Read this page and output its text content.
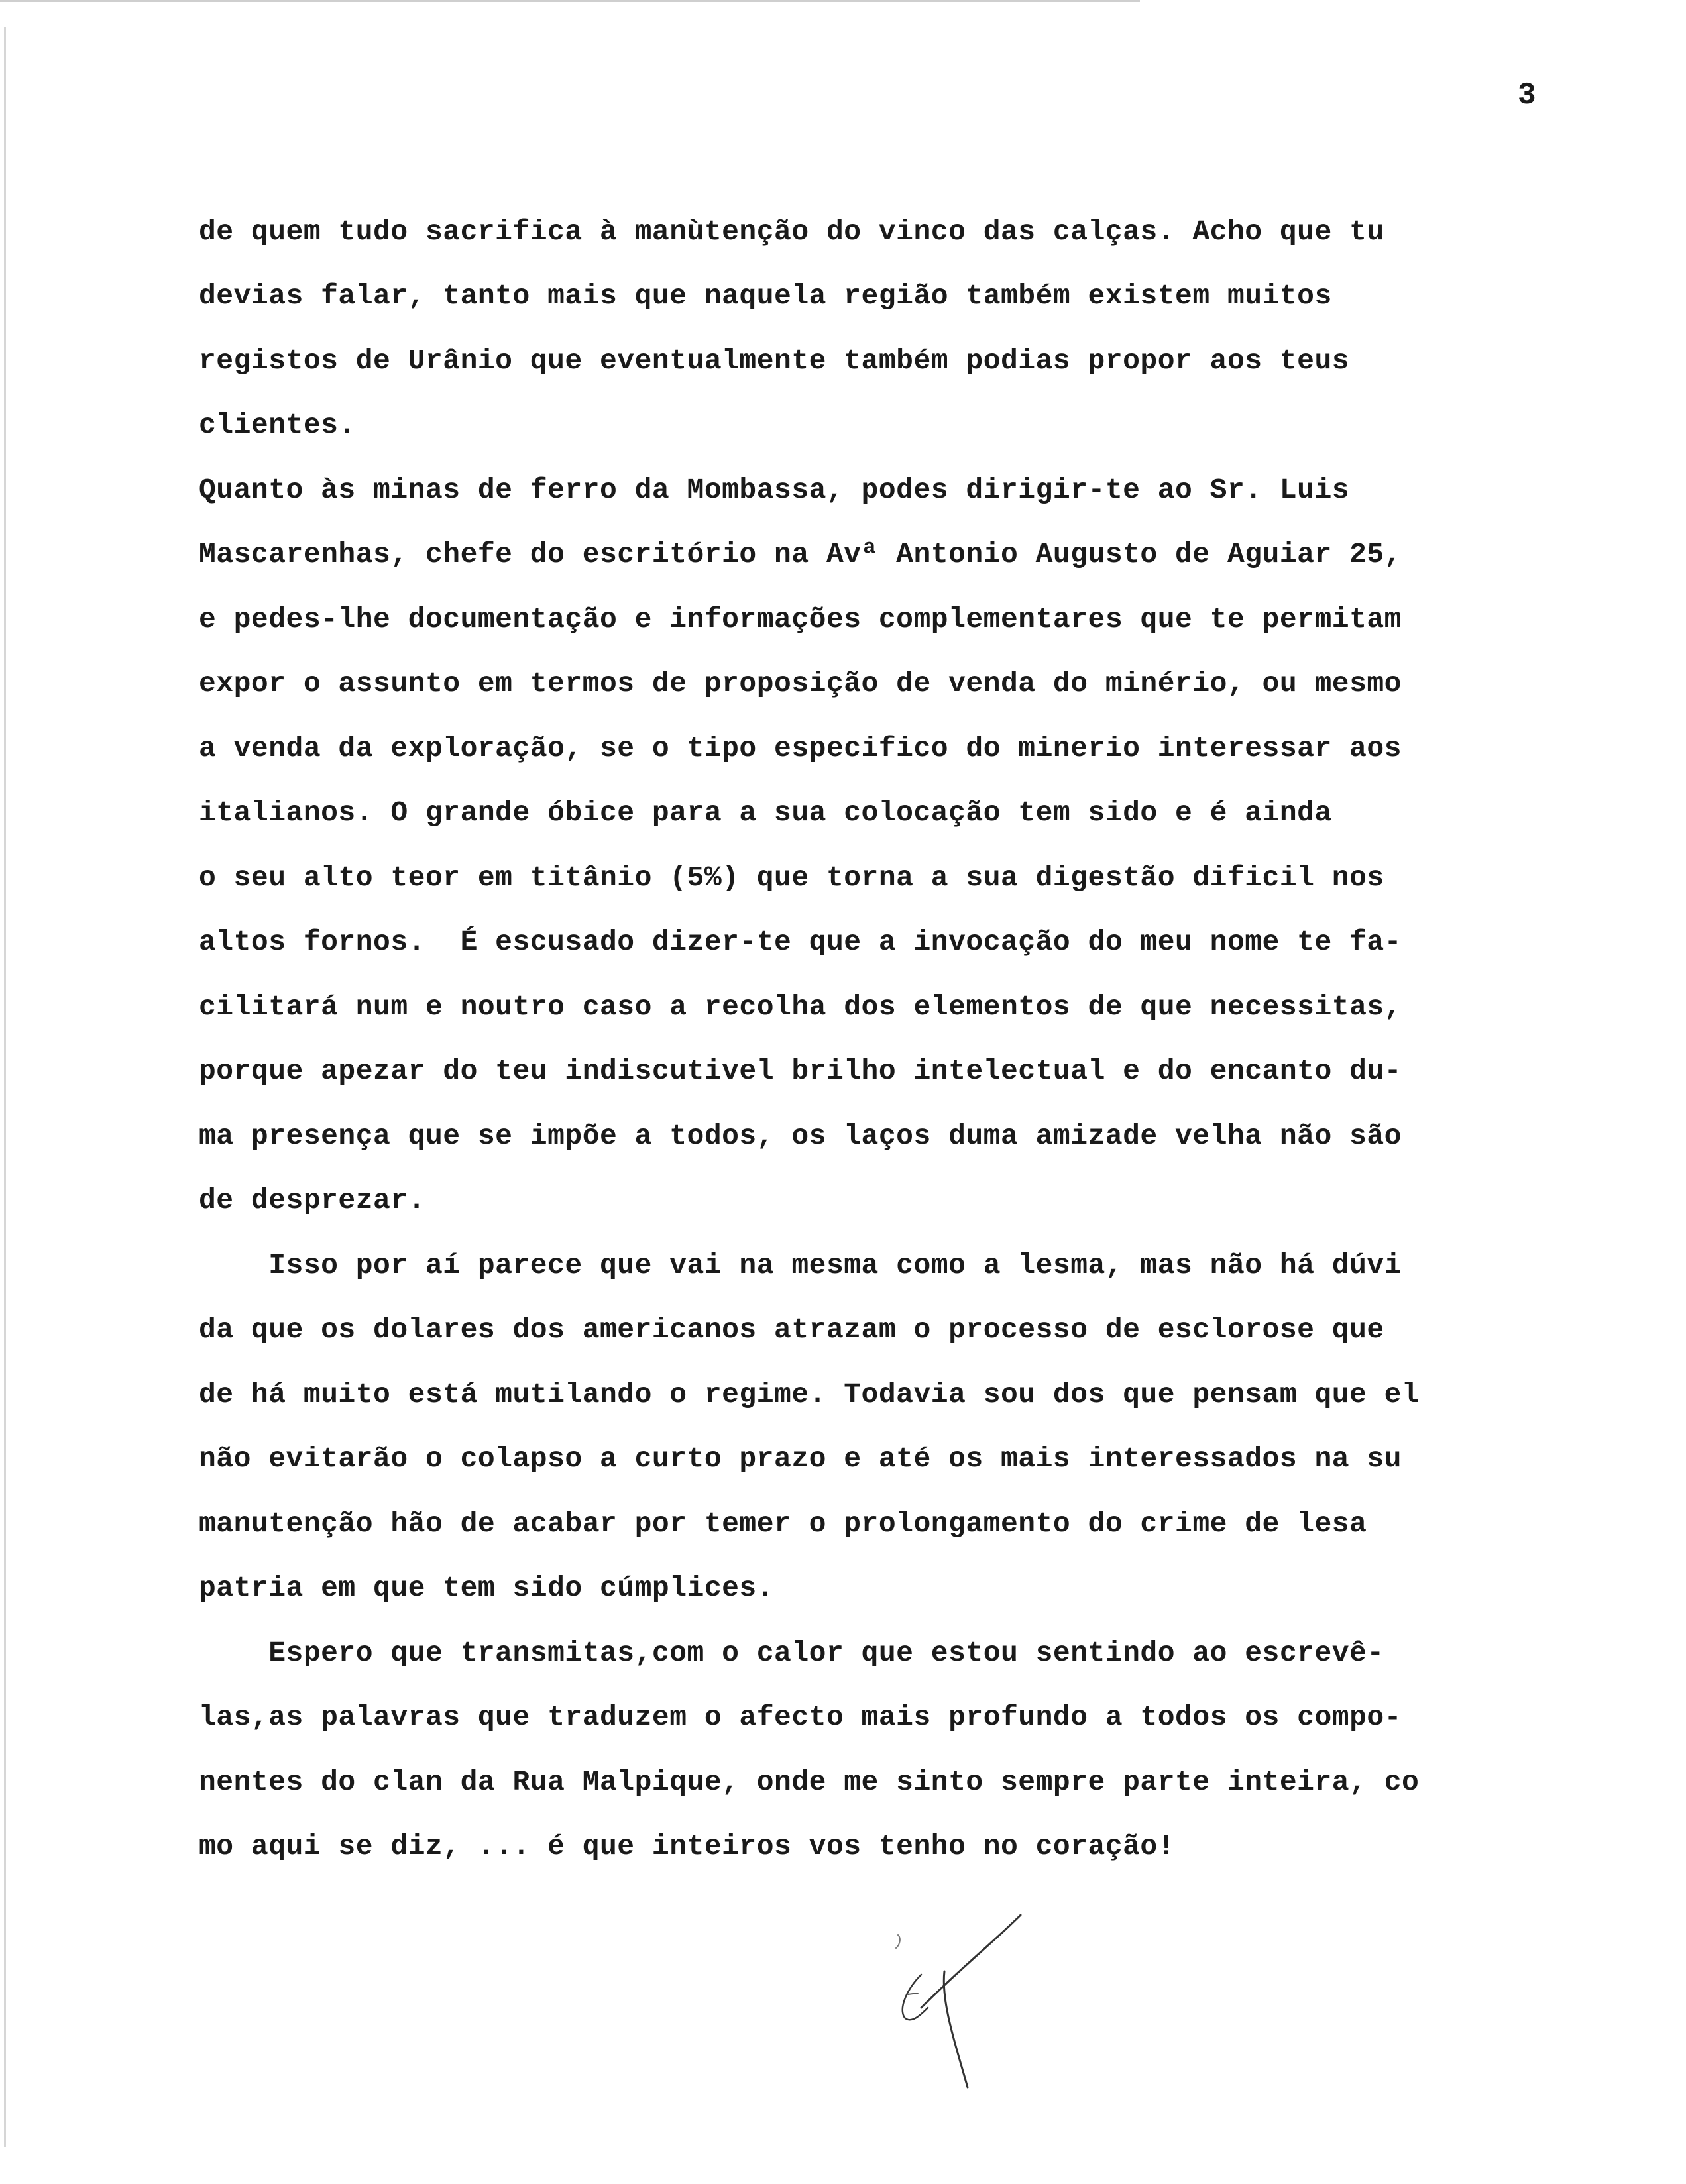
3
de quem tudo sacrifica à manùtenção do vinco das calças. Acho que tu
devias falar, tanto mais que naquela região também existem muitos
registos de Urânio que eventualmente também podias propor aos teus
clientes.
Quanto às minas de ferro da Mombassa, podes dirigir-te ao Sr. Luis
Mascarenhas, chefe do escritório na Avª Antonio Augusto de Aguiar 25,
e pedes-lhe documentação e informações complementares que te permitam
expor o assunto em termos de proposição de venda do minério, ou mesmo
a venda da exploração, se o tipo especifico do minerio interessar aos
italianos. O grande óbice para a sua colocação tem sido e é ainda
o seu alto teor em titânio (5%) que torna a sua digestão dificil nos
altos fornos.  É escusado dizer-te que a invocação do meu nome te fa-
cilitará num e noutro caso a recolha dos elementos de que necessitas,
porque apezar do teu indiscutivel brilho intelectual e do encanto du-
ma presença que se impõe a todos, os laços duma amizade velha não são
de desprezar.
Isso por aí parece que vai na mesma como a lesma, mas não há dúvi
da que os dolares dos americanos atrazam o processo de esclorose que
de há muito está mutilando o regime. Todavia sou dos que pensam que el
não evitarão o colapso a curto prazo e até os mais interessados na su
manutenção hão de acabar por temer o prolongamento do crime de lesa
patria em que tem sido cúmplices.
Espero que transmitas,com o calor que estou sentindo ao escrevê-
las,as palavras que traduzem o afecto mais profundo a todos os compo-
nentes do clan da Rua Malpique, onde me sinto sempre parte inteira, co
mo aqui se diz, ... é que inteiros vos tenho no coração!
